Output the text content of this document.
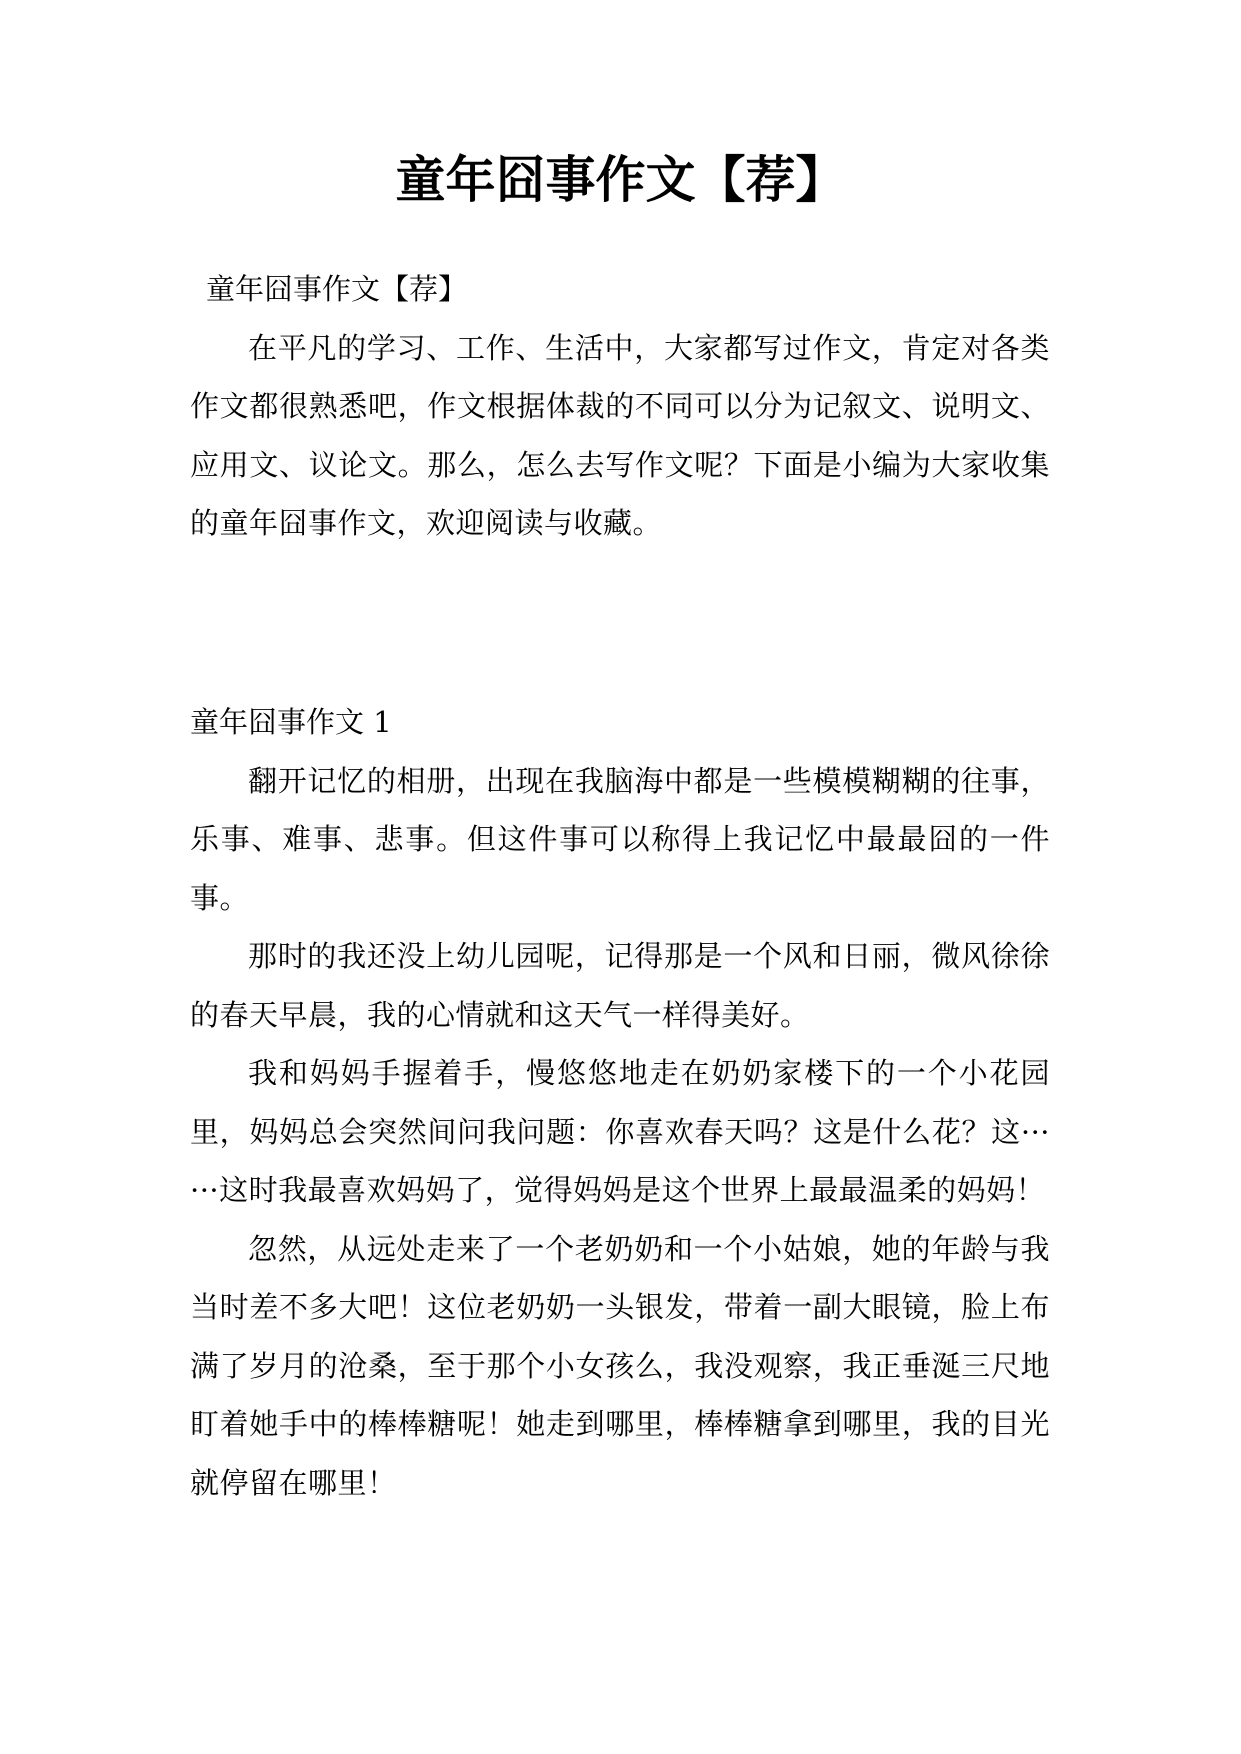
童年囧事作文【荐】

童年囧事作文【荐】

在平凡的学习、工作、生活中，大家都写过作文，肯定对各类作文都很熟悉吧，作文根据体裁的不同可以分为记叙文、说明文、应用文、议论文。那么，怎么去写作文呢？下面是小编为大家收集的童年囧事作文，欢迎阅读与收藏。

童年囧事作文 1

翻开记忆的相册，出现在我脑海中都是一些模模糊糊的往事，乐事、难事、悲事。但这件事可以称得上我记忆中最最囧的一件事。

那时的我还没上幼儿园呢，记得那是一个风和日丽，微风徐徐的春天早晨，我的心情就和这天气一样得美好。

我和妈妈手握着手，慢悠悠地走在奶奶家楼下的一个小花园里，妈妈总会突然间问我问题：你喜欢春天吗？这是什么花？这······这时我最喜欢妈妈了，觉得妈妈是这个世界上最最温柔的妈妈！

忽然，从远处走来了一个老奶奶和一个小姑娘，她的年龄与我当时差不多大吧！这位老奶奶一头银发，带着一副大眼镜，脸上布满了岁月的沧桑，至于那个小女孩么，我没观察，我正垂涎三尺地盯着她手中的棒棒糖呢！她走到哪里，棒棒糖拿到哪里，我的目光就停留在哪里！
